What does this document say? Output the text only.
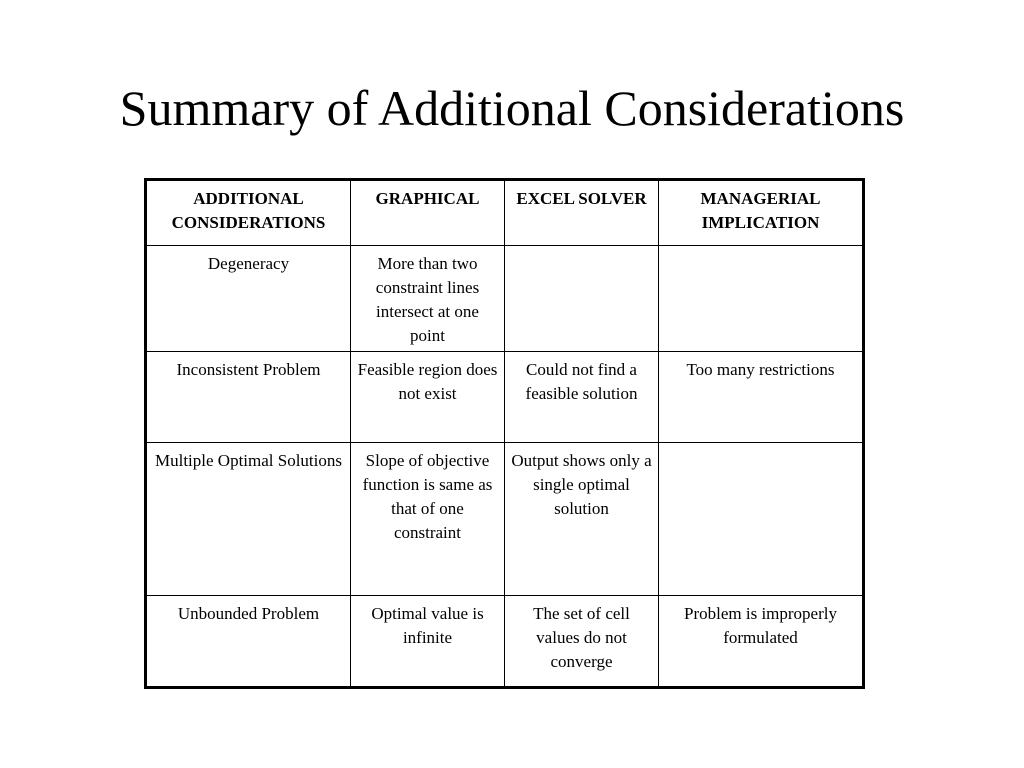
Summary of Additional Considerations
ADDITIONAL CONSIDERATIONS	GRAPHICAL	EXCEL SOLVER	MANAGERIAL IMPLICATION
Degeneracy	More than two constraint lines intersect at one point		
Inconsistent Problem	Feasible region does not exist	Could not find a feasible solution	Too many restrictions
Multiple Optimal Solutions	Slope of objective function is same as that of one constraint	Output shows only a single optimal solution	
Unbounded Problem	Optimal value is infinite	The set of cell values do not converge	Problem is improperly formulated
